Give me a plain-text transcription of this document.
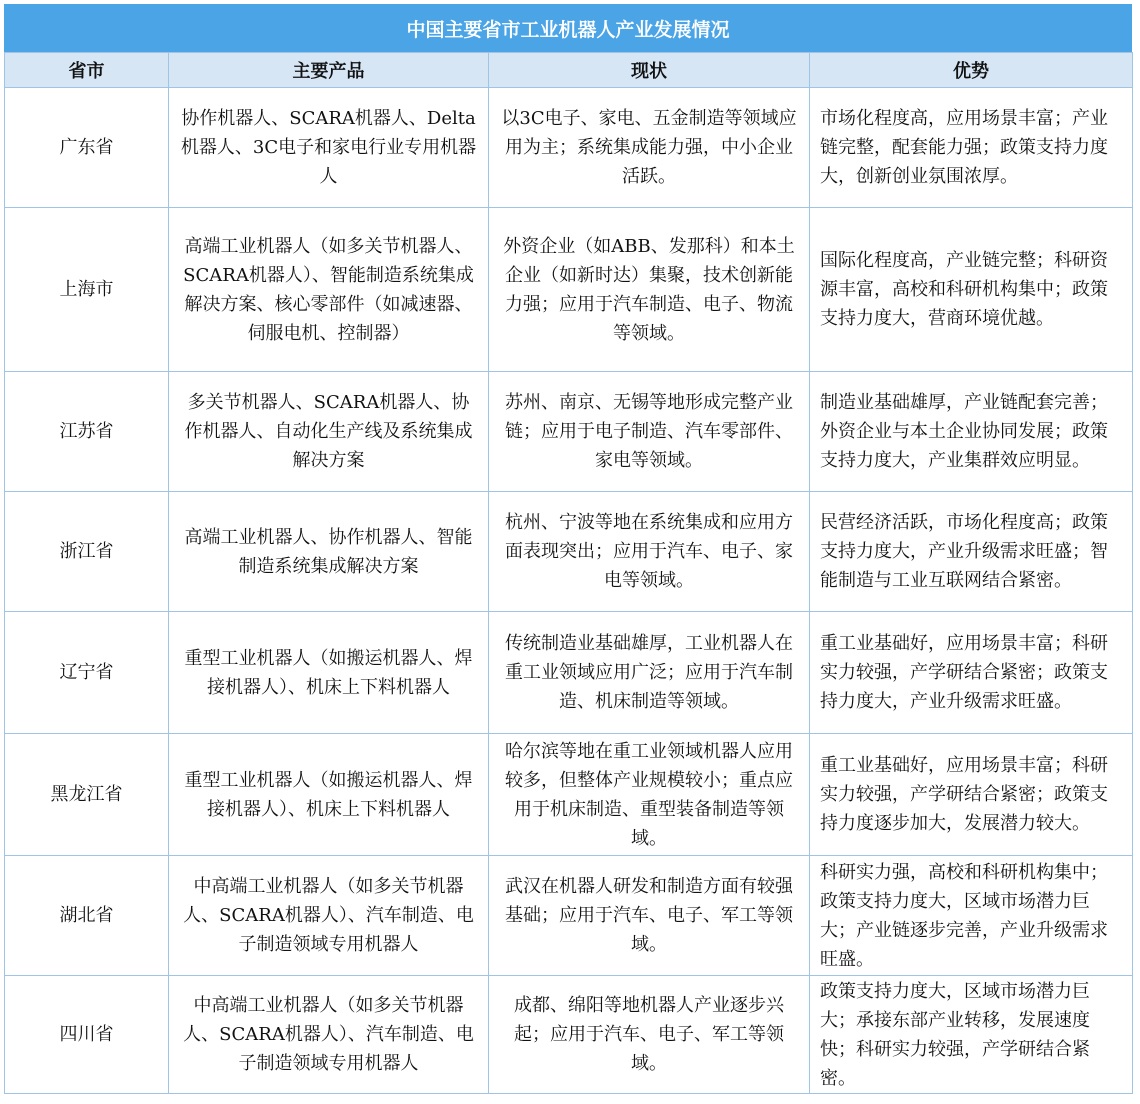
中国主要省市工业机器人产业发展情况
省市	主要产品	现状	优势
广东省	协作机器人、SCARA机器人、Delta机器人、3C电子和家电行业专用机器人	以3C电子、家电、五金制造等领域应用为主；系统集成能力强，中小企业活跃。	市场化程度高，应用场景丰富；产业链完整，配套能力强；政策支持力度大，创新创业氛围浓厚。
上海市	高端工业机器人（如多关节机器人、SCARA机器人）、智能制造系统集成解决方案、核心零部件（如减速器、伺服电机、控制器）	外资企业（如ABB、发那科）和本土企业（如新时达）集聚，技术创新能力强；应用于汽车制造、电子、物流等领域。	国际化程度高，产业链完整；科研资源丰富，高校和科研机构集中；政策支持力度大，营商环境优越。
江苏省	多关节机器人、SCARA机器人、协作机器人、自动化生产线及系统集成解决方案	苏州、南京、无锡等地形成完整产业链；应用于电子制造、汽车零部件、家电等领域。	制造业基础雄厚，产业链配套完善；外资企业与本土企业协同发展；政策支持力度大，产业集群效应明显。
浙江省	高端工业机器人、协作机器人、智能制造系统集成解决方案	杭州、宁波等地在系统集成和应用方面表现突出；应用于汽车、电子、家电等领域。	民营经济活跃，市场化程度高；政策支持力度大，产业升级需求旺盛；智能制造与工业互联网结合紧密。
辽宁省	重型工业机器人（如搬运机器人、焊接机器人）、机床上下料机器人	传统制造业基础雄厚，工业机器人在重工业领域应用广泛；应用于汽车制造、机床制造等领域。	重工业基础好，应用场景丰富；科研实力较强，产学研结合紧密；政策支持力度大，产业升级需求旺盛。
黑龙江省	重型工业机器人（如搬运机器人、焊接机器人）、机床上下料机器人	哈尔滨等地在重工业领域机器人应用较多，但整体产业规模较小；重点应用于机床制造、重型装备制造等领域。	重工业基础好，应用场景丰富；科研实力较强，产学研结合紧密；政策支持力度逐步加大，发展潜力较大。
湖北省	中高端工业机器人（如多关节机器人、SCARA机器人）、汽车制造、电子制造领域专用机器人	武汉在机器人研发和制造方面有较强基础；应用于汽车、电子、军工等领域。	科研实力强，高校和科研机构集中；政策支持力度大，区域市场潜力巨大；产业链逐步完善，产业升级需求旺盛。
四川省	中高端工业机器人（如多关节机器人、SCARA机器人）、汽车制造、电子制造领域专用机器人	成都、绵阳等地机器人产业逐步兴起；应用于汽车、电子、军工等领域。	政策支持力度大，区域市场潜力巨大；承接东部产业转移，发展速度快；科研实力较强，产学研结合紧密。
